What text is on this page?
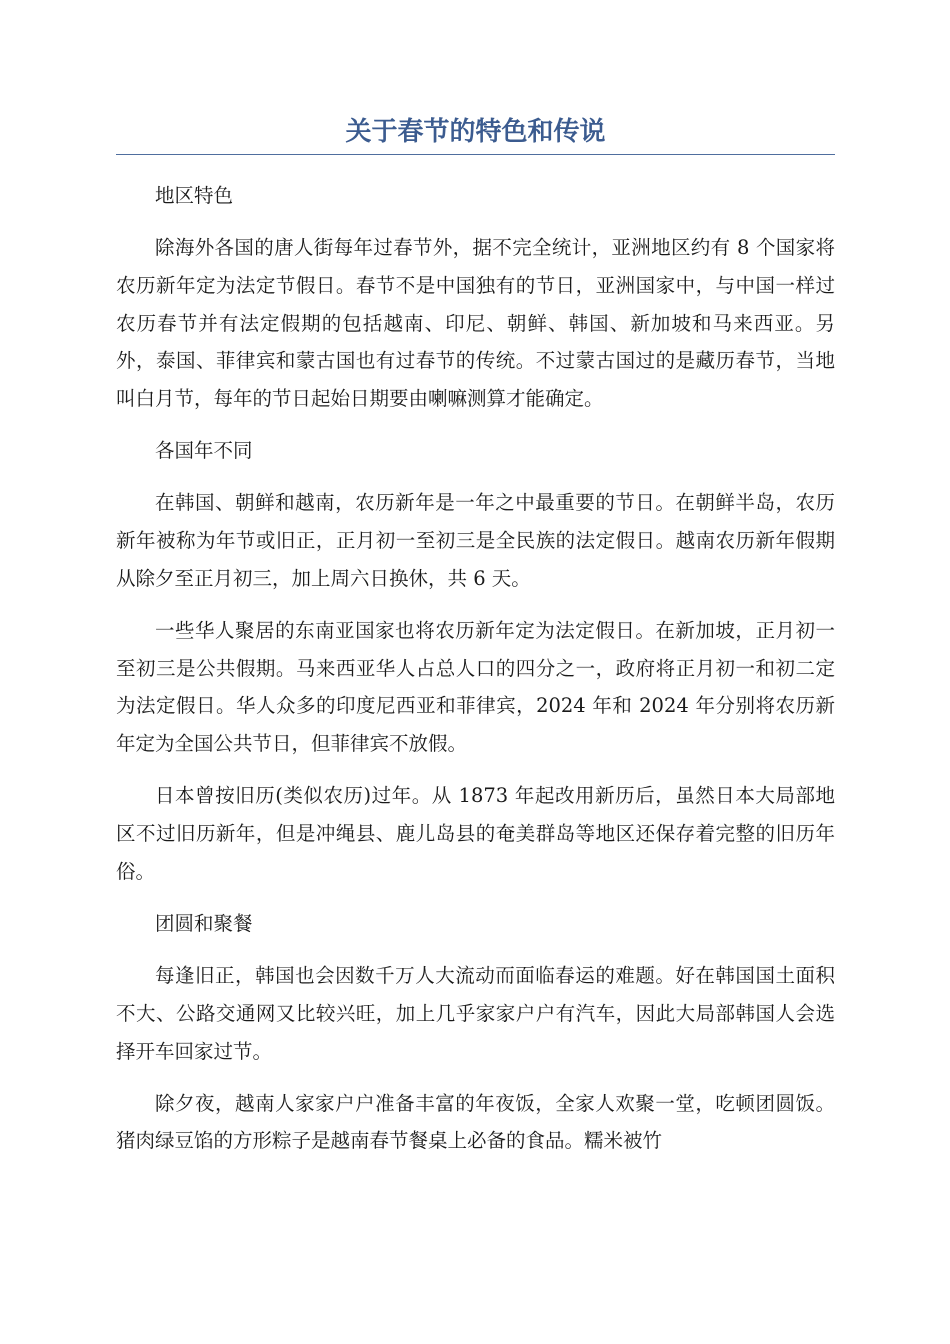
关于春节的特色和传说

地区特色

除海外各国的唐人街每年过春节外，据不完全统计，亚洲地区约有 8 个国家将农历新年定为法定节假日。春节不是中国独有的节日，亚洲国家中，与中国一样过农历春节并有法定假期的包括越南、印尼、朝鲜、韩国、新加坡和马来西亚。另外，泰国、菲律宾和蒙古国也有过春节的传统。不过蒙古国过的是藏历春节，当地叫白月节，每年的节日起始日期要由喇嘛测算才能确定。

各国年不同

在韩国、朝鲜和越南，农历新年是一年之中最重要的节日。在朝鲜半岛，农历新年被称为年节或旧正，正月初一至初三是全民族的法定假日。越南农历新年假期从除夕至正月初三，加上周六日换休，共 6 天。

一些华人聚居的东南亚国家也将农历新年定为法定假日。在新加坡，正月初一至初三是公共假期。马来西亚华人占总人口的四分之一，政府将正月初一和初二定为法定假日。华人众多的印度尼西亚和菲律宾，2024 年和 2024 年分别将农历新年定为全国公共节日，但菲律宾不放假。

日本曾按旧历(类似农历)过年。从 1873 年起改用新历后，虽然日本大局部地区不过旧历新年，但是冲绳县、鹿儿岛县的奄美群岛等地区还保存着完整的旧历年俗。

团圆和聚餐

每逢旧正，韩国也会因数千万人大流动而面临春运的难题。好在韩国国土面积不大、公路交通网又比较兴旺，加上几乎家家户户有汽车，因此大局部韩国人会选择开车回家过节。

除夕夜，越南人家家户户准备丰富的年夜饭，全家人欢聚一堂，吃顿团圆饭。猪肉绿豆馅的方形粽子是越南春节餐桌上必备的食品。糯米被竹
